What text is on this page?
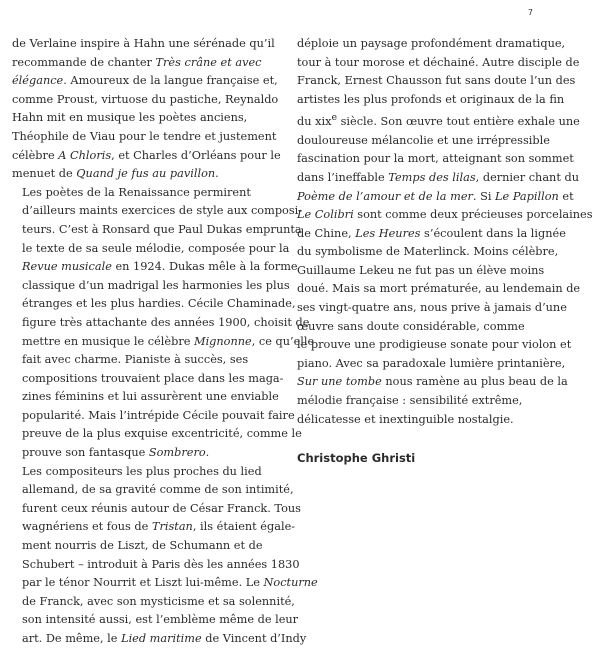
7

de Verlaine inspire à Hahn une sérénade qu’il
recommande de chanter Très crâne et avec
élégance. Amoureux de la langue française et,
comme Proust, virtuose du pastiche, Reynaldo
Hahn mit en musique les poètes anciens,
Théophile de Viau pour le tendre et justement
célèbre A Chloris, et Charles d’Orléans pour le
menuet de Quand je fus au pavillon.

Les poètes de la Renaissance permirent
d’ailleurs maints exercices de style aux composi-
teurs. C’est à Ronsard que Paul Dukas emprunta
le texte de sa seule mélodie, composée pour la
Revue musicale en 1924. Dukas mêle à la forme
classique d’un madrigal les harmonies les plus
étranges et les plus hardies. Cécile Chaminade,
figure très attachante des années 1900, choisit de
mettre en musique le célèbre Mignonne, ce qu’elle
fait avec charme. Pianiste à succès, ses
compositions trouvaient place dans les maga-
zines féminins et lui assurèrent une enviable
popularité. Mais l’intrépide Cécile pouvait faire
preuve de la plus exquise excentricité, comme le
prouve son fantasque Sombrero.

Les compositeurs les plus proches du lied
allemand, de sa gravité comme de son intimité,
furent ceux réunis autour de César Franck. Tous
wagnériens et fous de Tristan, ils étaient égale-
ment nourris de Liszt, de Schumann et de
Schubert – introduit à Paris dès les années 1830
par le ténor Nourrit et Liszt lui-même. Le Nocturne
de Franck, avec son mysticisme et sa solennité,
son intensité aussi, est l’emblème même de leur
art. De même, le Lied maritime de Vincent d’Indy

déploie un paysage profondément dramatique,
tour à tour morose et déchainé. Autre disciple de
Franck, Ernest Chausson fut sans doute l’un des
artistes les plus profonds et originaux de la fin
du xix$^e$ siècle. Son œuvre tout entière exhale une
douloureuse mélancolie et une irrépressible
fascination pour la mort, atteignant son sommet
dans l’ineffable Temps des lilas, dernier chant du
Poème de l’amour et de la mer. Si Le Papillon et
Le Colibri sont comme deux précieuses porcelaines
de Chine, Les Heures s’écoulent dans la lignée
du symbolisme de Materlinck. Moins célèbre,
Guillaume Lekeu ne fut pas un élève moins
doué. Mais sa mort prématurée, au lendemain de
ses vingt-quatre ans, nous prive à jamais d’une
œuvre sans doute considérable, comme
le prouve une prodigieuse sonate pour violon et
piano. Avec sa paradoxale lumière printanière,
Sur une tombe nous ramène au plus beau de la
mélodie française : sensibilité extrême,
délicatesse et inextinguible nostalgie.

Christophe Ghristi
